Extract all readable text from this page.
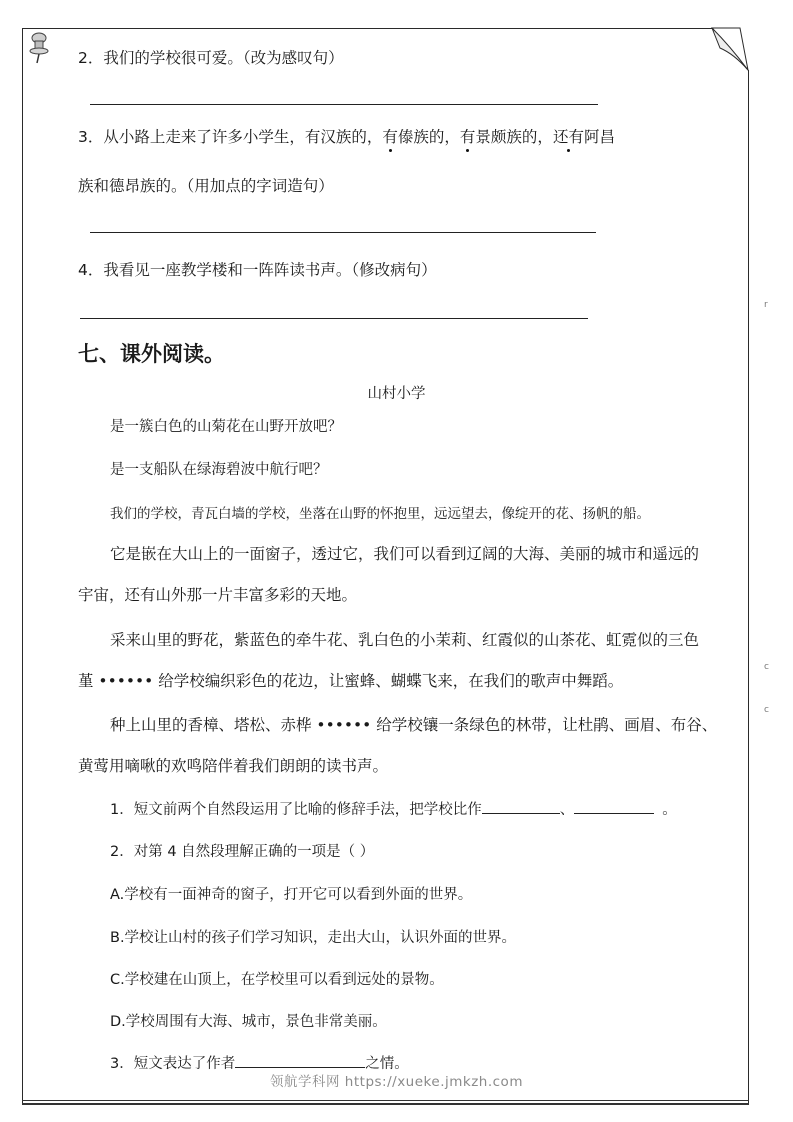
2．我们的学校很可爱。（改为感叹句）
3．从小路上走来了许多小学生，有汉族的，有傣族的，有景颇族的，还有阿昌
族和德昂族的。（用加点的字词造句）
4．我看见一座教学楼和一阵阵读书声。（修改病句）
七、课外阅读。
山村小学
是一簇白色的山菊花在山野开放吧？
是一支船队在绿海碧波中航行吧？
我们的学校，青瓦白墙的学校，坐落在山野的怀抱里，远远望去，像绽开的花、扬帆的船。
它是嵌在大山上的一面窗子，透过它，我们可以看到辽阔的大海、美丽的城市和遥远的
宇宙，还有山外那一片丰富多彩的天地。
采来山里的野花，紫蓝色的牵牛花、乳白色的小茉莉、红霞似的山茶花、虹霓似的三色
堇 •••••• 给学校编织彩色的花边，让蜜蜂、蝴蝶飞来，在我们的歌声中舞蹈。
种上山里的香樟、塔松、赤桦 •••••• 给学校镶一条绿色的林带，让杜鹃、画眉、布谷、
黄莺用嘀啾的欢鸣陪伴着我们朗朗的读书声。
1．短文前两个自然段运用了比喻的修辞手法，把学校比作	、	。
2．对第 4 自然段理解正确的一项是（ ）
A.学校有一面神奇的窗子，打开它可以看到外面的世界。
B.学校让山村的孩子们学习知识，走出大山，认识外面的世界。
C.学校建在山顶上，在学校里可以看到远处的景物。
D.学校周围有大海、城市，景色非常美丽。
3．短文表达了作者	之情。
领航学科网 https://xueke.jmkzh.com
r
c
c
